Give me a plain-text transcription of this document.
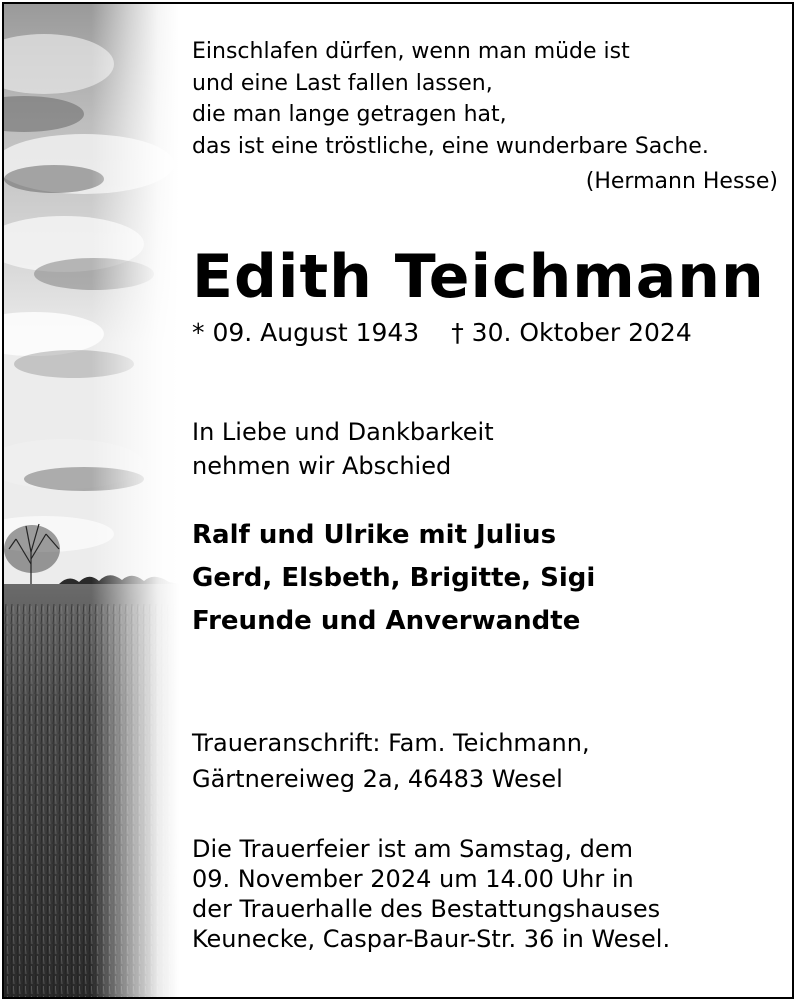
Einschlafen dürfen, wenn man müde ist
und eine Last fallen lassen,
die man lange getragen hat,
das ist eine tröstliche, eine wunderbare Sache.
(Hermann Hesse)
Edith Teichmann
* 09. August 1943 † 30. Oktober 2024
In Liebe und Dankbarkeit
nehmen wir Abschied
Ralf und Ulrike mit Julius
Gerd, Elsbeth, Brigitte, Sigi
Freunde und Anverwandte
Traueranschrift: Fam. Teichmann,
Gärtnereiweg 2a, 46483 Wesel
Die Trauerfeier ist am Samstag, dem
09. November 2024 um 14.00 Uhr in
der Trauerhalle des Bestattungshauses
Keunecke, Caspar-Baur-Str. 36 in Wesel.
